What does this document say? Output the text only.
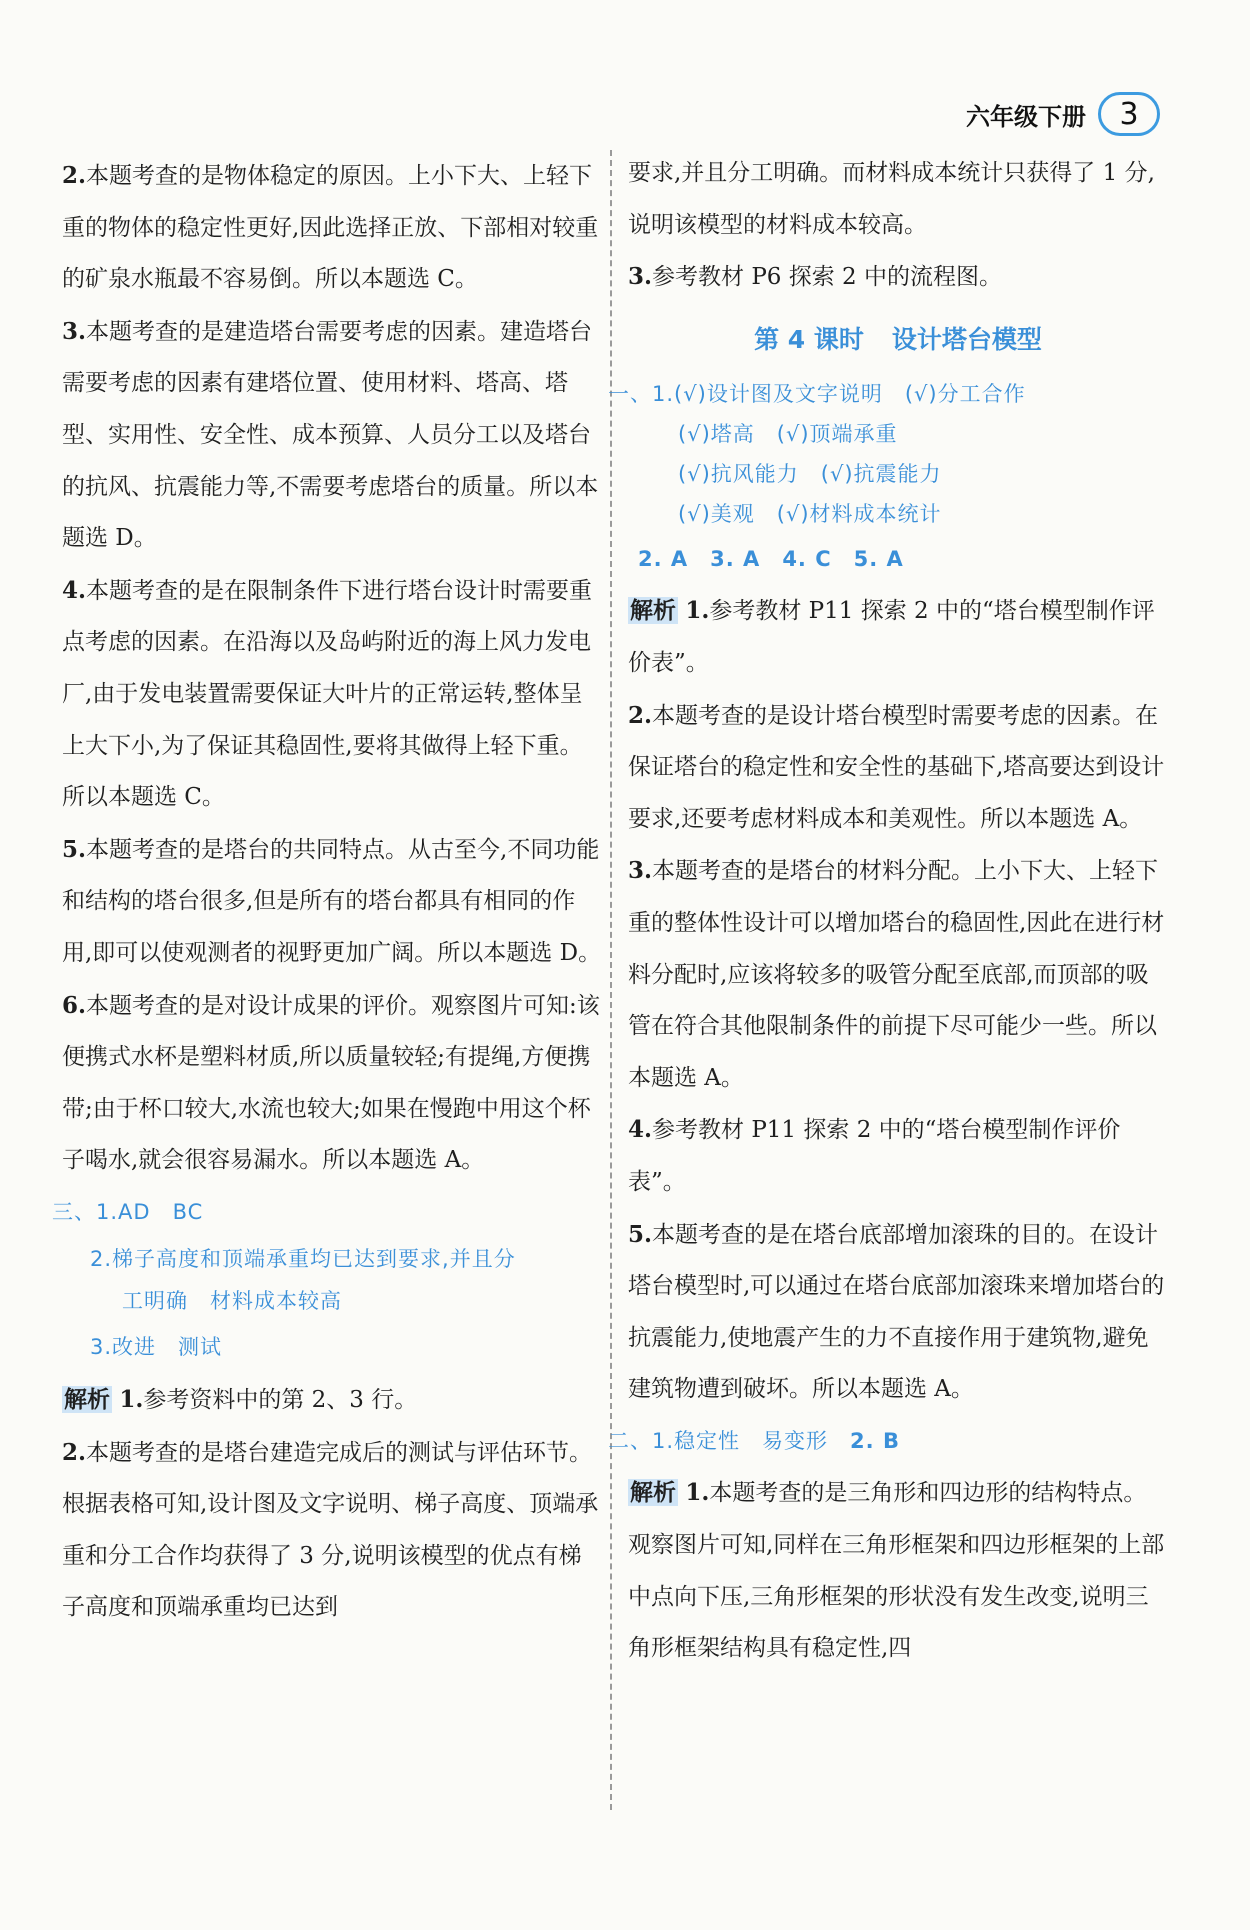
六年级下册	3

2.本题考查的是物体稳定的原因。上小下大、上轻下重的物体的稳定性更好,因此选择正放、下部相对较重的矿泉水瓶最不容易倒。所以本题选 C。

3.本题考查的是建造塔台需要考虑的因素。建造塔台需要考虑的因素有建塔位置、使用材料、塔高、塔型、实用性、安全性、成本预算、人员分工以及塔台的抗风、抗震能力等,不需要考虑塔台的质量。所以本题选 D。

4.本题考查的是在限制条件下进行塔台设计时需要重点考虑的因素。在沿海以及岛屿附近的海上风力发电厂,由于发电装置需要保证大叶片的正常运转,整体呈上大下小,为了保证其稳固性,要将其做得上轻下重。所以本题选 C。

5.本题考查的是塔台的共同特点。从古至今,不同功能和结构的塔台很多,但是所有的塔台都具有相同的作用,即可以使观测者的视野更加广阔。所以本题选 D。

6.本题考查的是对设计成果的评价。观察图片可知:该便携式水杯是塑料材质,所以质量较轻;有提绳,方便携带;由于杯口较大,水流也较大;如果在慢跑中用这个杯子喝水,就会很容易漏水。所以本题选 A。

三、1.AD BC

2.梯子高度和顶端承重均已达到要求,并且分

工明确 材料成本较高

3.改进 测试

解析 1.参考资料中的第 2、3 行。

2.本题考查的是塔台建造完成后的测试与评估环节。根据表格可知,设计图及文字说明、梯子高度、顶端承重和分工合作均获得了 3 分,说明该模型的优点有梯子高度和顶端承重均已达到

要求,并且分工明确。而材料成本统计只获得了 1 分,说明该模型的材料成本较高。

3.参考教材 P6 探索 2 中的流程图。

第 4 课时 设计塔台模型

一、1.(√)设计图及文字说明 (√)分工合作

(√)塔高 (√)顶端承重

(√)抗风能力 (√)抗震能力

(√)美观 (√)材料成本统计

2. A 3. A 4. C 5. A

解析 1.参考教材 P11 探索 2 中的“塔台模型制作评价表”。

2.本题考查的是设计塔台模型时需要考虑的因素。在保证塔台的稳定性和安全性的基础下,塔高要达到设计要求,还要考虑材料成本和美观性。所以本题选 A。

3.本题考查的是塔台的材料分配。上小下大、上轻下重的整体性设计可以增加塔台的稳固性,因此在进行材料分配时,应该将较多的吸管分配至底部,而顶部的吸管在符合其他限制条件的前提下尽可能少一些。所以本题选 A。

4.参考教材 P11 探索 2 中的“塔台模型制作评价表”。

5.本题考查的是在塔台底部增加滚珠的目的。在设计塔台模型时,可以通过在塔台底部加滚珠来增加塔台的抗震能力,使地震产生的力不直接作用于建筑物,避免建筑物遭到破坏。所以本题选 A。

二、1.稳定性 易变形 2. B

解析 1.本题考查的是三角形和四边形的结构特点。观察图片可知,同样在三角形框架和四边形框架的上部中点向下压,三角形框架的形状没有发生改变,说明三角形框架结构具有稳定性,四
